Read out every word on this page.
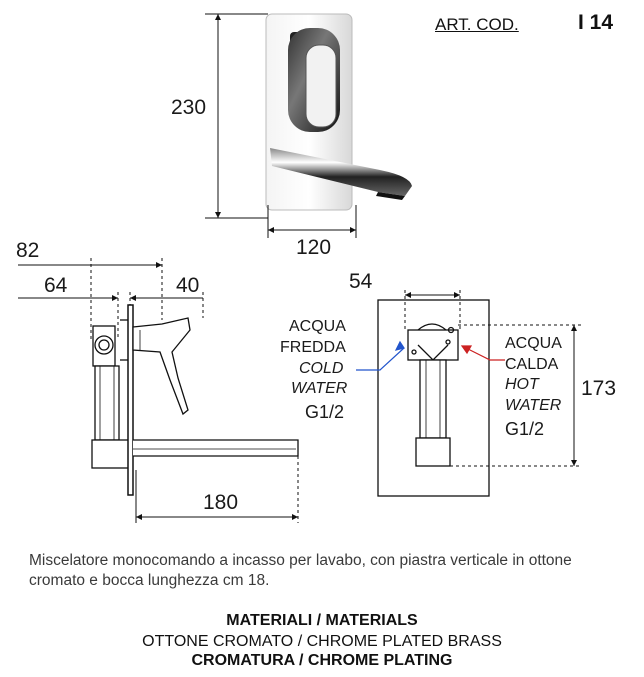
ART. COD.	I 14
230
120
82
64	40
180
54
173
ACQUA
FREDDA
COLD
WATER
G1/2
ACQUA
CALDA
HOT
WATER
G1/2
Miscelatore monocomando a incasso per lavabo, con piastra verticale in ottone cromato e bocca lunghezza cm 18.
MATERIALI / MATERIALS
OTTONE CROMATO / CHROME PLATED BRASS
CROMATURA / CHROME PLATING
